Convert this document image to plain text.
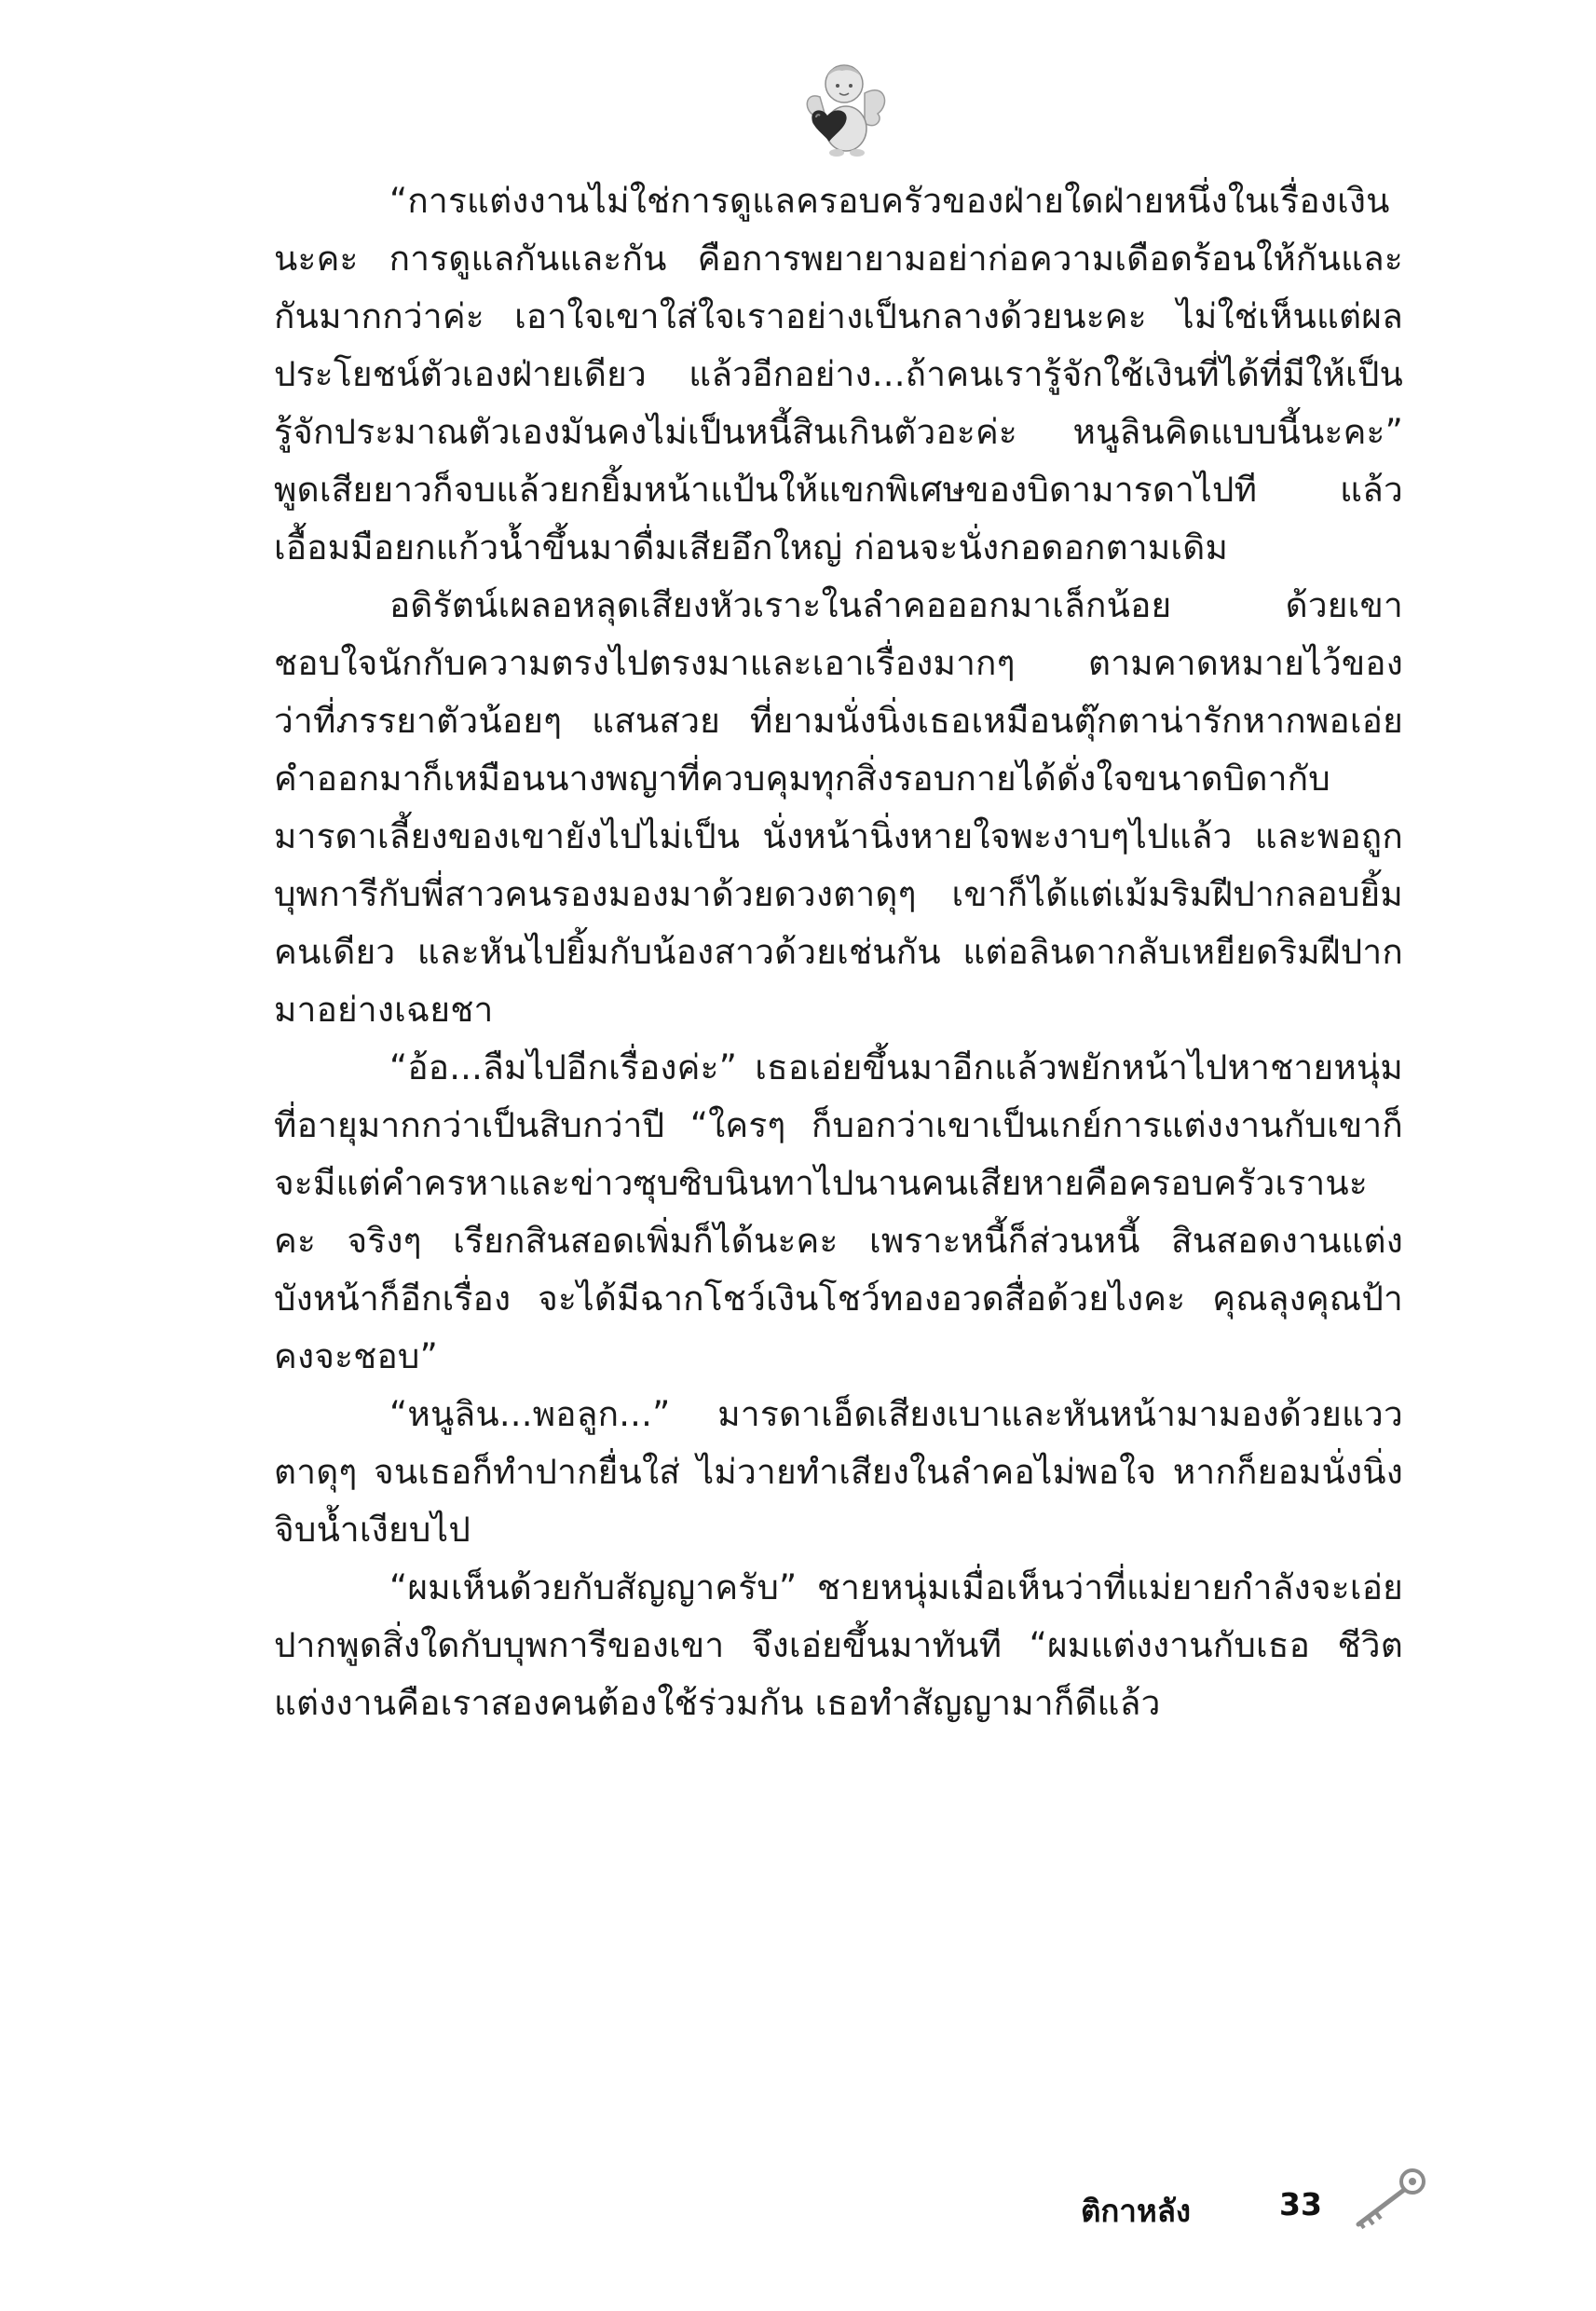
“การแต่งงานไม่ใช่การดูแลครอบครัวของฝ่ายใดฝ่ายหนึ่งในเรื่องเงินนะคะ การดูแลกันและกัน คือการพยายามอย่าก่อความเดือดร้อนให้กันและกันมากกว่าค่ะ เอาใจเขาใส่ใจเราอย่างเป็นกลางด้วยนะคะ ไม่ใช่เห็นแต่ผลประโยชน์ตัวเองฝ่ายเดียว แล้วอีกอย่าง...ถ้าคนเรารู้จักใช้เงินที่ได้ที่มีให้เป็น รู้จักประมาณตัวเองมันคงไม่เป็นหนี้สินเกินตัวอะค่ะ หนูลินคิดแบบนี้นะคะ” พูดเสียยาวก็จบแล้วยกยิ้มหน้าแป้นให้แขกพิเศษของบิดามารดาไปที แล้วเอื้อมมือยกแก้วน้ำขึ้นมาดื่มเสียอึกใหญ่ ก่อนจะนั่งกอดอกตามเดิม

อดิรัตน์เผลอหลุดเสียงหัวเราะในลำคอออกมาเล็กน้อย ด้วยเขาชอบใจนักกับความตรงไปตรงมาและเอาเรื่องมากๆ ตามคาดหมายไว้ของว่าที่ภรรยาตัวน้อยๆ แสนสวย ที่ยามนั่งนิ่งเธอเหมือนตุ๊กตาน่ารักหากพอเอ่ยคำออกมาก็เหมือนนางพญาที่ควบคุมทุกสิ่งรอบกายได้ดั่งใจขนาดบิดากับมารดาเลี้ยงของเขายังไปไม่เป็น นั่งหน้านิ่งหายใจพะงาบๆไปแล้ว และพอถูกบุพการีกับพี่สาวคนรองมองมาด้วยดวงตาดุๆ เขาก็ได้แต่เม้มริมฝีปากลอบยิ้มคนเดียว และหันไปยิ้มกับน้องสาวด้วยเช่นกัน แต่อลินดากลับเหยียดริมฝีปากมาอย่างเฉยชา

“อ้อ...ลืมไปอีกเรื่องค่ะ” เธอเอ่ยขึ้นมาอีกแล้วพยักหน้าไปหาชายหนุ่มที่อายุมากกว่าเป็นสิบกว่าปี “ใครๆ ก็บอกว่าเขาเป็นเกย์การแต่งงานกับเขาก็จะมีแต่คำครหาและข่าวซุบซิบนินทาไปนานคนเสียหายคือครอบครัวเรานะคะ จริงๆ เรียกสินสอดเพิ่มก็ได้นะคะ เพราะหนี้ก็ส่วนหนี้ สินสอดงานแต่งบังหน้าก็อีกเรื่อง จะได้มีฉากโชว์เงินโชว์ทองอวดสื่อด้วยไงคะ คุณลุงคุณป้าคงจะชอบ”

“หนูลิน...พอลูก...” มารดาเอ็ดเสียงเบาและหันหน้ามามองด้วยแววตาดุๆ จนเธอก็ทำปากยื่นใส่ ไม่วายทำเสียงในลำคอไม่พอใจ หากก็ยอมนั่งนิ่งจิบน้ำเงียบไป

“ผมเห็นด้วยกับสัญญาครับ” ชายหนุ่มเมื่อเห็นว่าที่แม่ยายกำลังจะเอ่ยปากพูดสิ่งใดกับบุพการีของเขา จึงเอ่ยขึ้นมาทันที “ผมแต่งงานกับเธอ ชีวิตแต่งงานคือเราสองคนต้องใช้ร่วมกัน เธอทำสัญญามาก็ดีแล้ว

ติกาหลัง	33
